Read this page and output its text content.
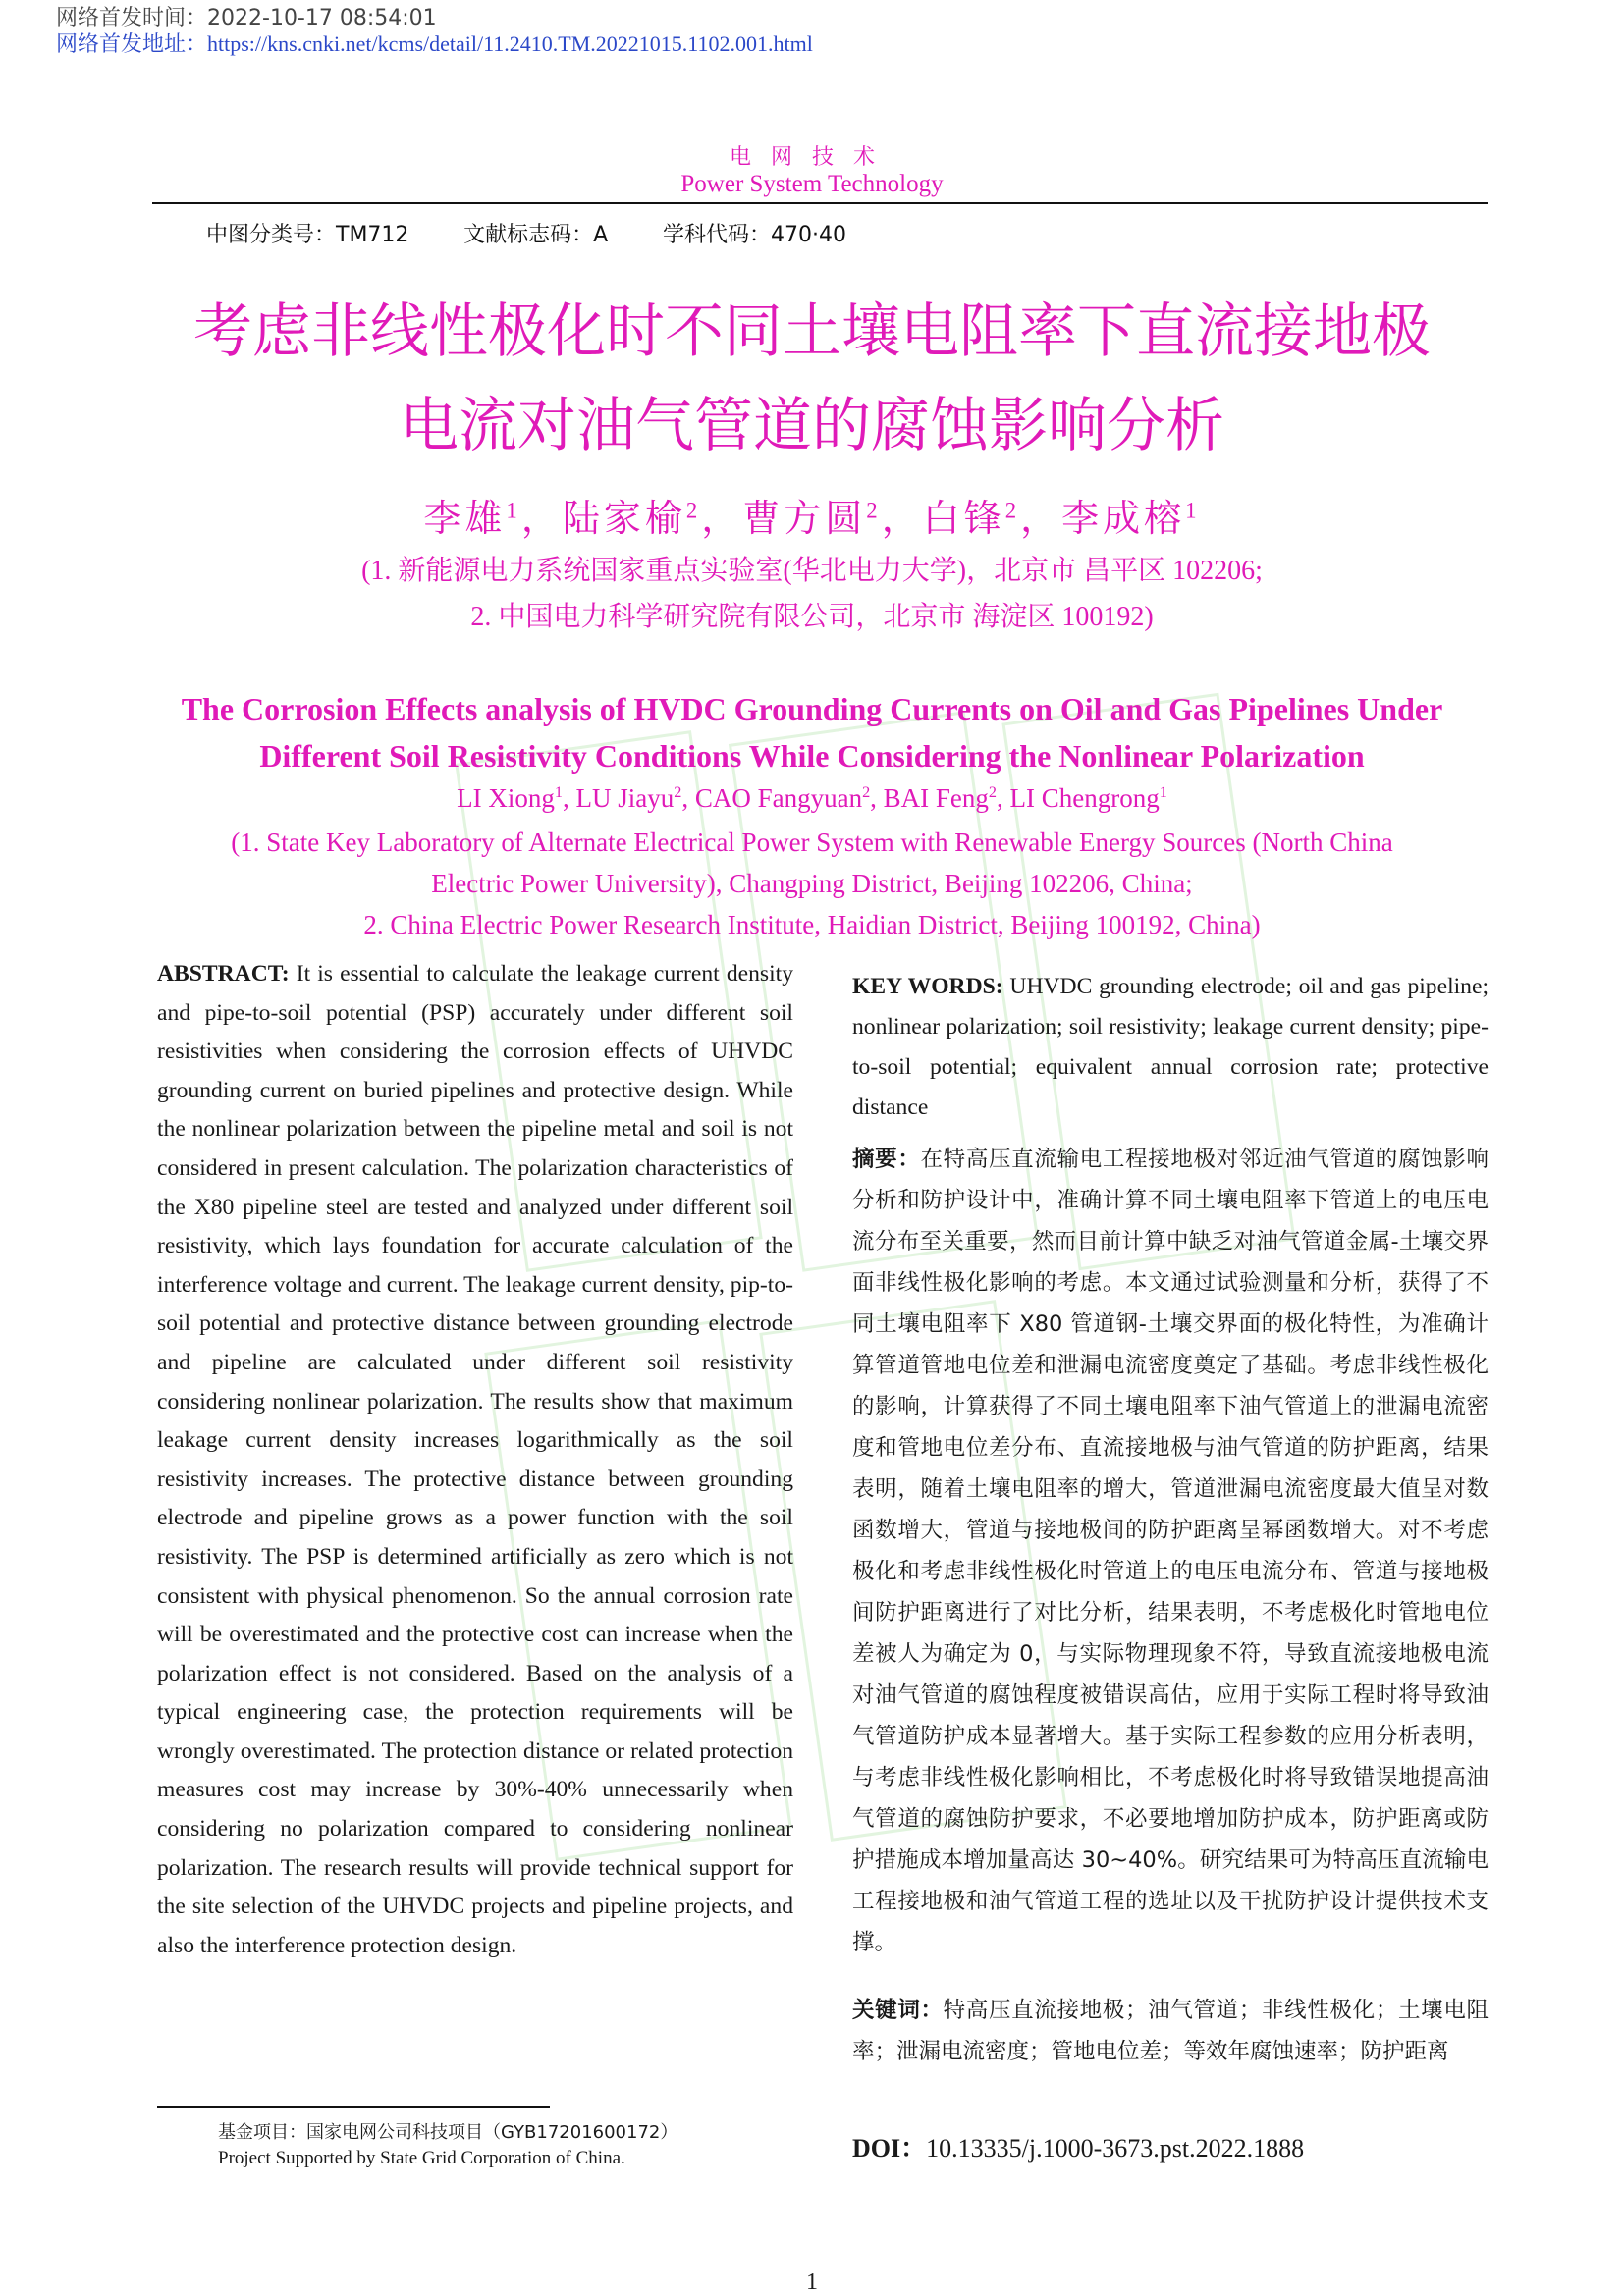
网络首发时间：2022-10-17 08:54:01
网络首发地址：https://kns.cnki.net/kcms/detail/11.2410.TM.20221015.1102.001.html
电网技术
Power System Technology
中图分类号：TM712	文献标志码：A	学科代码：470·40
考虑非线性极化时不同土壤电阻率下直流接地极
电流对油气管道的腐蚀影响分析
李雄$^1$，陆家榆$^2$，曹方圆$^2$，白锋$^2$，李成榕$^1$
(1. 新能源电力系统国家重点实验室(华北电力大学)，北京市 昌平区 102206;
2. 中国电力科学研究院有限公司，北京市 海淀区 100192)
The Corrosion Effects analysis of HVDC Grounding Currents on Oil and Gas Pipelines Under
Different Soil Resistivity Conditions While Considering the Nonlinear Polarization
LI Xiong$^1$, LU Jiayu$^2$, CAO Fangyuan$^2$, BAI Feng$^2$, LI Chengrong$^1$
(1. State Key Laboratory of Alternate Electrical Power System with Renewable Energy Sources (North China
Electric Power University), Changping District, Beijing 102206, China;
2. China Electric Power Research Institute, Haidian District, Beijing 100192, China)
ABSTRACT: It is essential to calculate the leakage current density and pipe-to-soil potential (PSP) accurately under different soil resistivities when considering the corrosion effects of UHVDC grounding current on buried pipelines and protective design. While the nonlinear polarization between the pipeline metal and soil is not considered in present calculation. The polarization characteristics of the X80 pipeline steel are tested and analyzed under different soil resistivity, which lays foundation for accurate calculation of the interference voltage and current. The leakage current density, pip-to-soil potential and protective distance between grounding electrode and pipeline are calculated under different soil resistivity considering nonlinear polarization. The results show that maximum leakage current density increases logarithmically as the soil resistivity increases. The protective distance between grounding electrode and pipeline grows as a power function with the soil resistivity. The PSP is determined artificially as zero which is not consistent with physical phenomenon. So the annual corrosion rate will be overestimated and the protective cost can increase when the polarization effect is not considered. Based on the analysis of a typical engineering case, the protection requirements will be wrongly overestimated. The protection distance or related protection measures cost may increase by 30%-40% unnecessarily when considering no polarization compared to considering nonlinear polarization. The research results will provide technical support for the site selection of the UHVDC projects and pipeline projects, and also the interference protection design.
KEY WORDS: UHVDC grounding electrode; oil and gas pipeline; nonlinear polarization; soil resistivity; leakage current density; pipe-to-soil potential; equivalent annual corrosion rate; protective distance
摘要：在特高压直流输电工程接地极对邻近油气管道的腐蚀影响分析和防护设计中，准确计算不同土壤电阻率下管道上的电压电流分布至关重要，然而目前计算中缺乏对油气管道金属-土壤交界面非线性极化影响的考虑。本文通过试验测量和分析，获得了不同土壤电阻率下 X80 管道钢-土壤交界面的极化特性，为准确计算管道管地电位差和泄漏电流密度奠定了基础。考虑非线性极化的影响，计算获得了不同土壤电阻率下油气管道上的泄漏电流密度和管地电位差分布、直流接地极与油气管道的防护距离，结果表明，随着土壤电阻率的增大，管道泄漏电流密度最大值呈对数函数增大，管道与接地极间的防护距离呈幂函数增大。对不考虑极化和考虑非线性极化时管道上的电压电流分布、管道与接地极间防护距离进行了对比分析，结果表明，不考虑极化时管地电位差被人为确定为 0，与实际物理现象不符，导致直流接地极电流对油气管道的腐蚀程度被错误高估，应用于实际工程时将导致油气管道防护成本显著增大。基于实际工程参数的应用分析表明，与考虑非线性极化影响相比，不考虑极化时将导致错误地提高油气管道的腐蚀防护要求，不必要地增加防护成本，防护距离或防护措施成本增加量高达 30~40%。研究结果可为特高压直流输电工程接地极和油气管道工程的选址以及干扰防护设计提供技术支撑。
关键词：特高压直流接地极；油气管道；非线性极化；土壤电阻率；泄漏电流密度；管地电位差；等效年腐蚀速率；防护距离
DOI：10.13335/j.1000-3673.pst.2022.1888
基金项目：国家电网公司科技项目（GYB17201600172）
Project Supported by State Grid Corporation of China.
1
